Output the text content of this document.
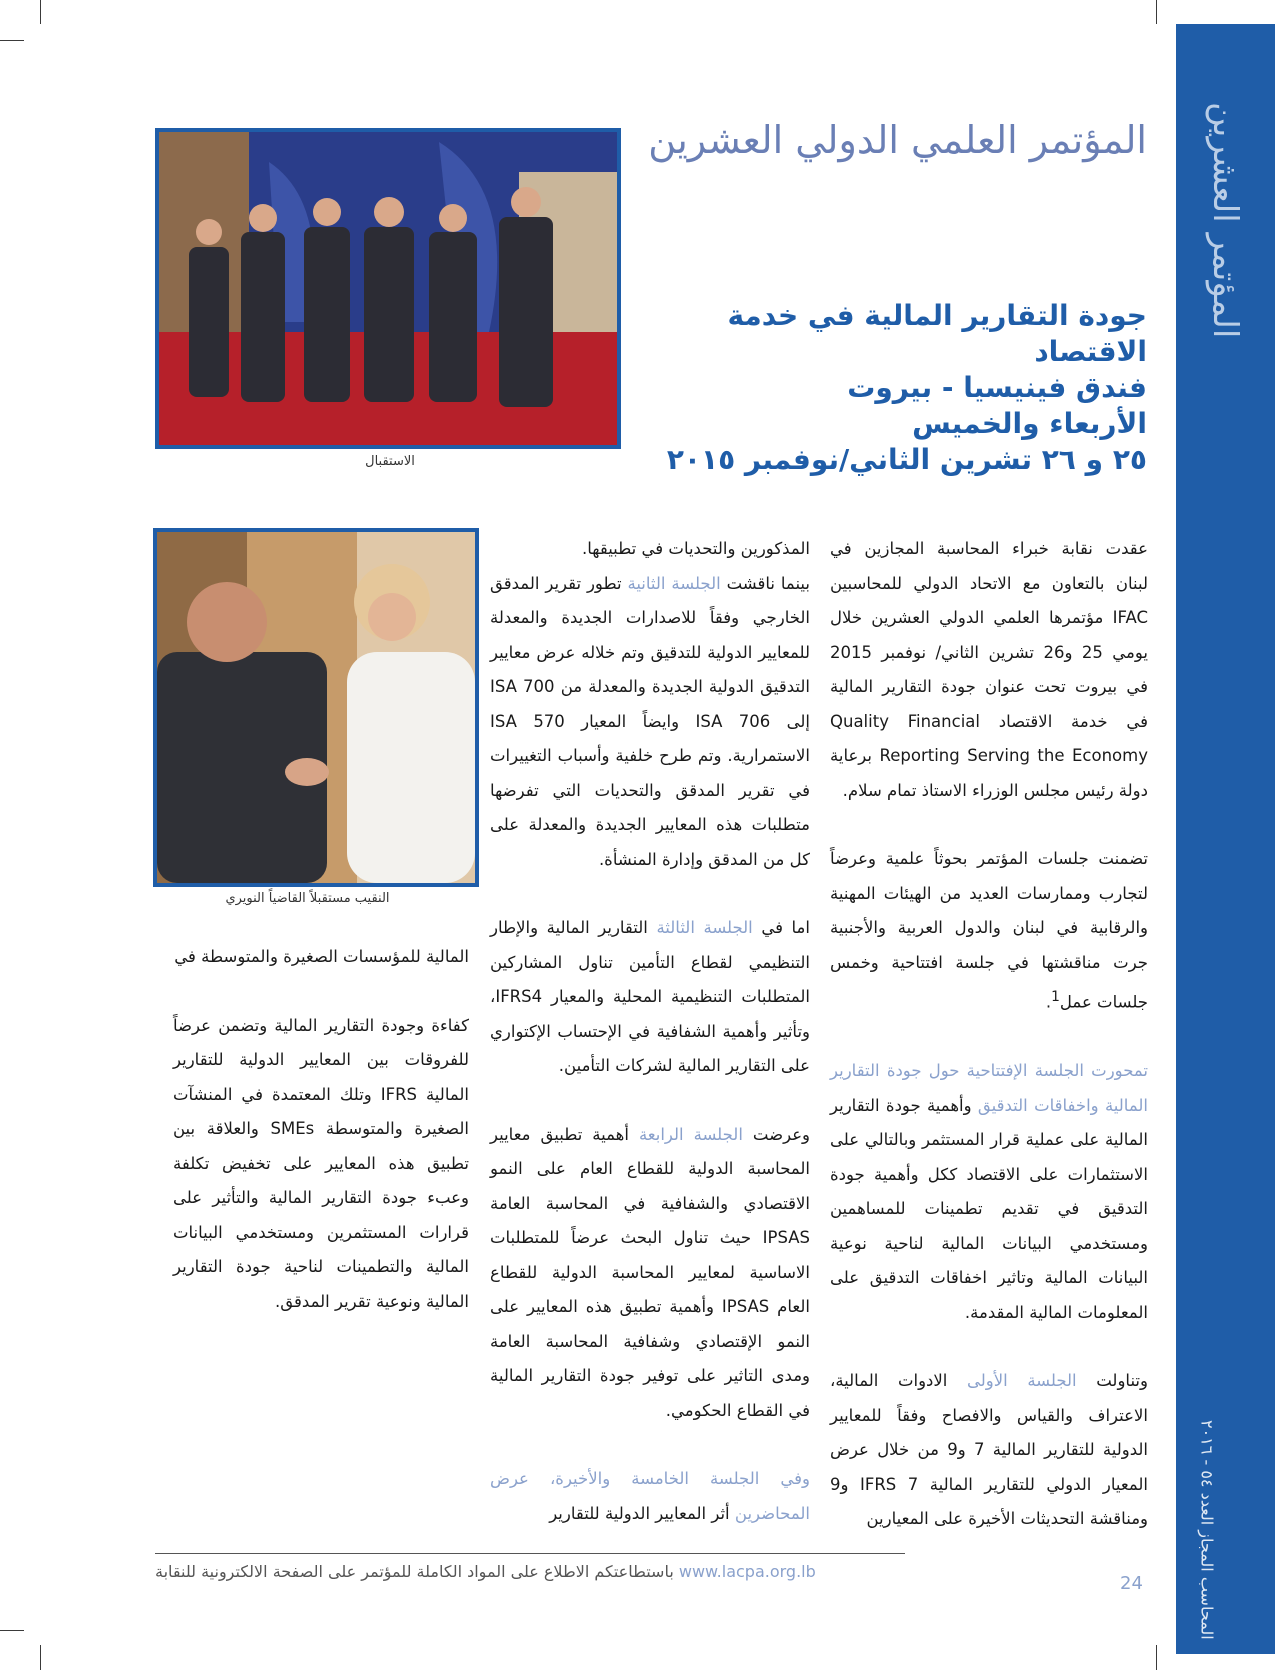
المؤتمر العشرين
المحاسب المجاز العدد ٥٤ - ٢٠١٦
المؤتمر العلمي الدولي العشرين
جودة التقارير المالية في خدمة الاقتصاد
فندق فينيسيا - بيروت
الأربعاء والخميس
٢٥ و ٢٦ تشرين الثاني/نوفمبر ٢٠١٥
الاستقبال
النقيب مستقبلاً القاضياً النويري

عقدت نقابة خبراء المحاسبة المجازين في لبنان بالتعاون مع الاتحاد الدولي للمحاسبين IFAC مؤتمرها العلمي الدولي العشرين خلال يومي 25 و26 تشرين الثاني/ نوفمبر 2015 في بيروت تحت عنوان جودة التقارير المالية في خدمة الاقتصاد Quality Financial Reporting Serving the Economy برعاية دولة رئيس مجلس الوزراء الاستاذ تمام سلام.

تضمنت جلسات المؤتمر بحوثاً علمية وعرضاً لتجارب وممارسات العديد من الهيئات المهنية والرقابية في لبنان والدول العربية والأجنبية جرت مناقشتها في جلسة افتتاحية وخمس جلسات عمل$^1$.

تمحورت الجلسة الإفتتاحية حول جودة التقارير المالية واخفاقات التدقيق وأهمية جودة التقارير المالية على عملية قرار المستثمر وبالتالي على الاستثمارات على الاقتصاد ككل وأهمية جودة التدقيق في تقديم تطمينات للمساهمين ومستخدمي البيانات المالية لناحية نوعية البيانات المالية وتاثير اخفاقات التدقيق على المعلومات المالية المقدمة.

وتناولت الجلسة الأولى الادوات المالية، الاعتراف والقياس والافصاح وفقاً للمعايير الدولية للتقارير المالية 7 و9 من خلال عرض المعيار الدولي للتقارير المالية IFRS 7 و9 ومناقشة التحديثات الأخيرة على المعيارين

المذكورين والتحديات في تطبيقها.

بينما ناقشت الجلسة الثانية تطور تقرير المدقق الخارجي وفقاً للاصدارات الجديدة والمعدلة للمعايير الدولية للتدقيق وتم خلاله عرض معايير التدقيق الدولية الجديدة والمعدلة من ISA 700 إلى ISA 706 وايضاً المعيار 570 ISA الاستمرارية. وتم طرح خلفية وأسباب التغييرات في تقرير المدقق والتحديات التي تفرضها متطلبات هذه المعايير الجديدة والمعدلة على كل من المدقق وإدارة المنشأة.

اما في الجلسة الثالثة التقارير المالية والإطار التنظيمي لقطاع التأمين تناول المشاركين المتطلبات التنظيمية المحلية والمعيار IFRS4، وتأثير وأهمية الشفافية في الإحتساب الإكتواري على التقارير المالية لشركات التأمين.

وعرضت الجلسة الرابعة أهمية تطبيق معايير المحاسبة الدولية للقطاع العام على النمو الاقتصادي والشفافية في المحاسبة العامة IPSAS حيث تناول البحث عرضاً للمتطلبات الاساسية لمعايير المحاسبة الدولية للقطاع العام IPSAS وأهمية تطبيق هذه المعايير على النمو الإقتصادي وشفافية المحاسبة العامة ومدى التاثير على توفير جودة التقارير المالية في القطاع الحكومي.

وفي الجلسة الخامسة والأخيرة، عرض المحاضرين أثر المعايير الدولية للتقارير

المالية للمؤسسات الصغيرة والمتوسطة في

كفاءة وجودة التقارير المالية وتضمن عرضاً للفروقات بين المعايير الدولية للتقارير المالية IFRS وتلك المعتمدة في المنشآت الصغيرة والمتوسطة SMEs والعلاقة بين تطبيق هذه المعايير على تخفيض تكلفة وعبء جودة التقارير المالية والتأثير على قرارات المستثمرين ومستخدمي البيانات المالية والتطمينات لناحية جودة التقارير المالية ونوعية تقرير المدقق.

www.lacpa.org.lb باستطاعتكم الاطلاع على المواد الكاملة للمؤتمر على الصفحة الالكترونية للنقابة
24
